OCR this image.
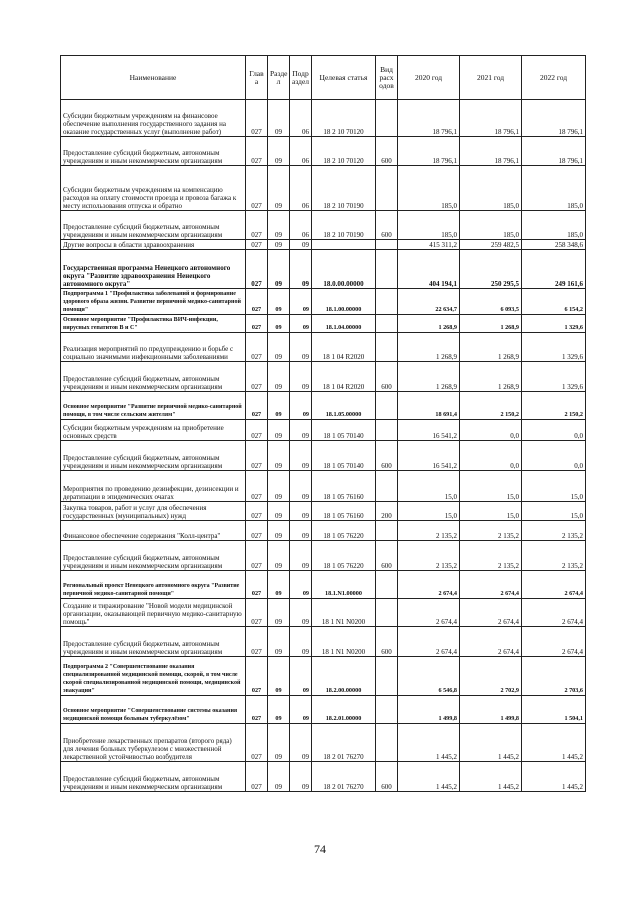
Наименование	Глав а	Разде л	Подр аздел	Целевая статья	Вид расх одов	2020 год	2021 год	2022 год
Субсидии бюджетным учреждениям на финансовое обеспечение выполнения государственного задания на оказание государственных услуг (выполнение работ)	027	09	06	18 2 10 70120		18 796,1	18 796,1	18 796,1
Предоставление субсидий бюджетным, автономным учреждениям и иным некоммерческим организациям	027	09	06	18 2 10 70120	600	18 796,1	18 796,1	18 796,1
Субсидии бюджетным учреждениям на компенсацию расходов на оплату стоимости проезда и провоза багажа к месту использования отпуска и обратно	027	09	06	18 2 10 70190		185,0	185,0	185,0
Предоставление субсидий бюджетным, автономным учреждениям и иным некоммерческим организациям	027	09	06	18 2 10 70190	600	185,0	185,0	185,0
Другие вопросы в области здравоохранения	027	09	09			415 311,2	259 482,5	258 348,6
Государственная программа Ненецкого автономного округа "Развитие здравоохранения Ненецкого автономного округа"	027	09	09	18.0.00.00000		404 194,1	250 295,5	249 161,6
Подпрограмма 1 "Профилактика заболеваний и формирование здорового образа жизни. Развитие первичной медико-санитарной помощи"	027	09	09	18.1.00.00000		22 634,7	6 093,5	6 154,2
Основное мероприятие "Профилактика ВИЧ-инфекции, вирусных гепатитов В и С"	027	09	09	18.1.04.00000		1 268,9	1 268,9	1 329,6
Реализация мероприятий по предупреждению и борьбе с социально значимыми инфекционными заболеваниями	027	09	09	18 1 04 R2020		1 268,9	1 268,9	1 329,6
Предоставление субсидий бюджетным, автономным учреждениям и иным некоммерческим организациям	027	09	09	18 1 04 R2020	600	1 268,9	1 268,9	1 329,6
Основное мероприятие "Развитие первичной медико-санитарной помощи, в том числе сельским жителям"	027	09	09	18.1.05.00000		18 691,4	2 150,2	2 150,2
Субсидии бюджетным учреждениям на приобретение основных средств	027	09	09	18 1 05 70140		16 541,2	0,0	0,0
Предоставление субсидий бюджетным, автономным учреждениям и иным некоммерческим организациям	027	09	09	18 1 05 70140	600	16 541,2	0,0	0,0
Мероприятия по проведению дезинфекции, дезинсекции и дератизации в эпидемических очагах	027	09	09	18 1 05 76160		15,0	15,0	15,0
Закупка товаров, работ и услуг для обеспечения государственных (муниципальных) нужд	027	09	09	18 1 05 76160	200	15,0	15,0	15,0
Финансовое обеспечение содержания "Колл-центра"	027	09	09	18 1 05 76220		2 135,2	2 135,2	2 135,2
Предоставление субсидий бюджетным, автономным учреждениям и иным некоммерческим организациям	027	09	09	18 1 05 76220	600	2 135,2	2 135,2	2 135,2
Региональный проект Ненецкого автономного округа "Развитие первичной медико-санитарной помощи"	027	09	09	18.1.N1.00000		2 674,4	2 674,4	2 674,4
Создание и тиражирование "Новой модели медицинской организации, оказывающей первичную медико-санитарную помощь"	027	09	09	18 1 N1 N0200		2 674,4	2 674,4	2 674,4
Предоставление субсидий бюджетным, автономным учреждениям и иным некоммерческим организациям	027	09	09	18 1 N1 N0200	600	2 674,4	2 674,4	2 674,4
Подпрограмма 2 "Совершенствование оказания специализированной медицинской помощи, скорой, в том числе скорой специализированной медицинской помощи, медицинской эвакуации"	027	09	09	18.2.00.00000		6 546,8	2 702,9	2 703,6
Основное мероприятие "Совершенствование системы оказания медицинской помощи больным туберкулёзом"	027	09	09	18.2.01.00000		1 499,8	1 499,8	1 504,1
Приобретение лекарственных препаратов (второго ряда) для лечения больных туберкулезом с множественной лекарственной устойчивостью возбудителя	027	09	09	18 2 01 76270		1 445,2	1 445,2	1 445,2
Предоставление субсидий бюджетным, автономным учреждениям и иным некоммерческим организациям	027	09	09	18 2 01 76270	600	1 445,2	1 445,2	1 445,2
74
